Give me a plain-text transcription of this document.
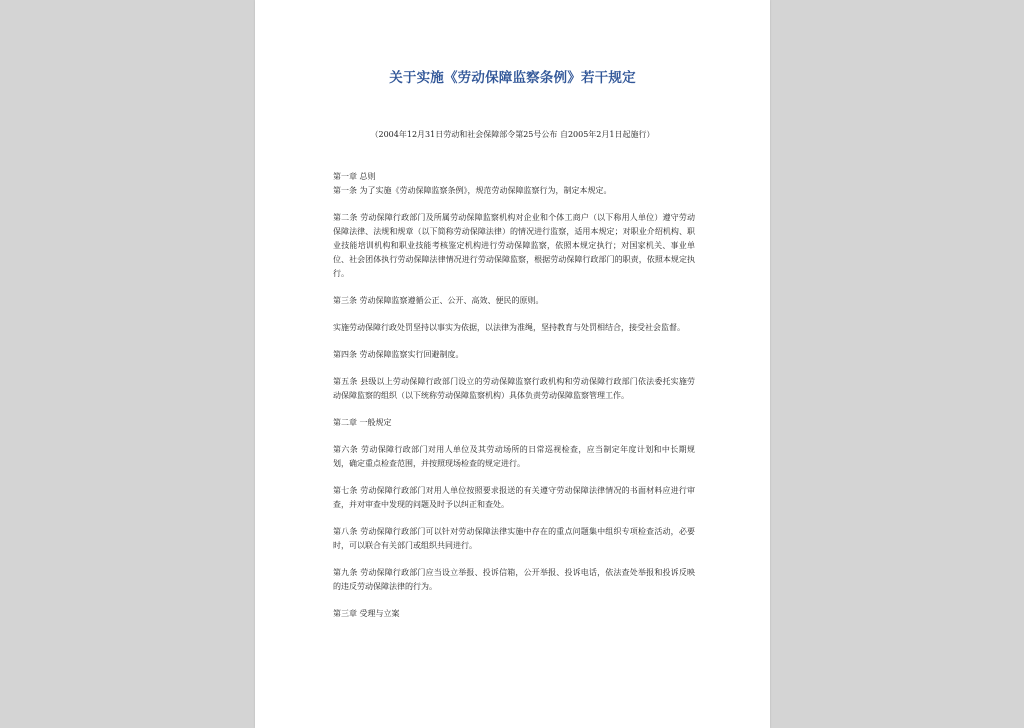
关于实施《劳动保障监察条例》若干规定
（2004年12月31日劳动和社会保障部令第25号公布 自2005年2月1日起施行）

第一章 总则

第一条 为了实施《劳动保障监察条例》，规范劳动保障监察行为，制定本规定。

第二条 劳动保障行政部门及所属劳动保障监察机构对企业和个体工商户（以下称用人单位）遵守劳动保障法律、法规和规章（以下简称劳动保障法律）的情况进行监察，适用本规定；对职业介绍机构、职业技能培训机构和职业技能考核鉴定机构进行劳动保障监察，依照本规定执行；对国家机关、事业单位、社会团体执行劳动保障法律情况进行劳动保障监察，根据劳动保障行政部门的职责，依照本规定执行。

第三条 劳动保障监察遵循公正、公开、高效、便民的原则。

实施劳动保障行政处罚坚持以事实为依据，以法律为准绳，坚持教育与处罚相结合，接受社会监督。

第四条 劳动保障监察实行回避制度。

第五条 县级以上劳动保障行政部门设立的劳动保障监察行政机构和劳动保障行政部门依法委托实施劳动保障监察的组织（以下统称劳动保障监察机构）具体负责劳动保障监察管理工作。

第二章 一般规定

第六条 劳动保障行政部门对用人单位及其劳动场所的日常巡视检查，应当制定年度计划和中长期规划，确定重点检查范围，并按照现场检查的规定进行。

第七条 劳动保障行政部门对用人单位按照要求报送的有关遵守劳动保障法律情况的书面材料应进行审查，并对审查中发现的问题及时予以纠正和查处。

第八条 劳动保障行政部门可以针对劳动保障法律实施中存在的重点问题集中组织专项检查活动，必要时，可以联合有关部门或组织共同进行。

第九条 劳动保障行政部门应当设立举报、投诉信箱，公开举报、投诉电话，依法查处举报和投诉反映的违反劳动保障法律的行为。

第三章 受理与立案
